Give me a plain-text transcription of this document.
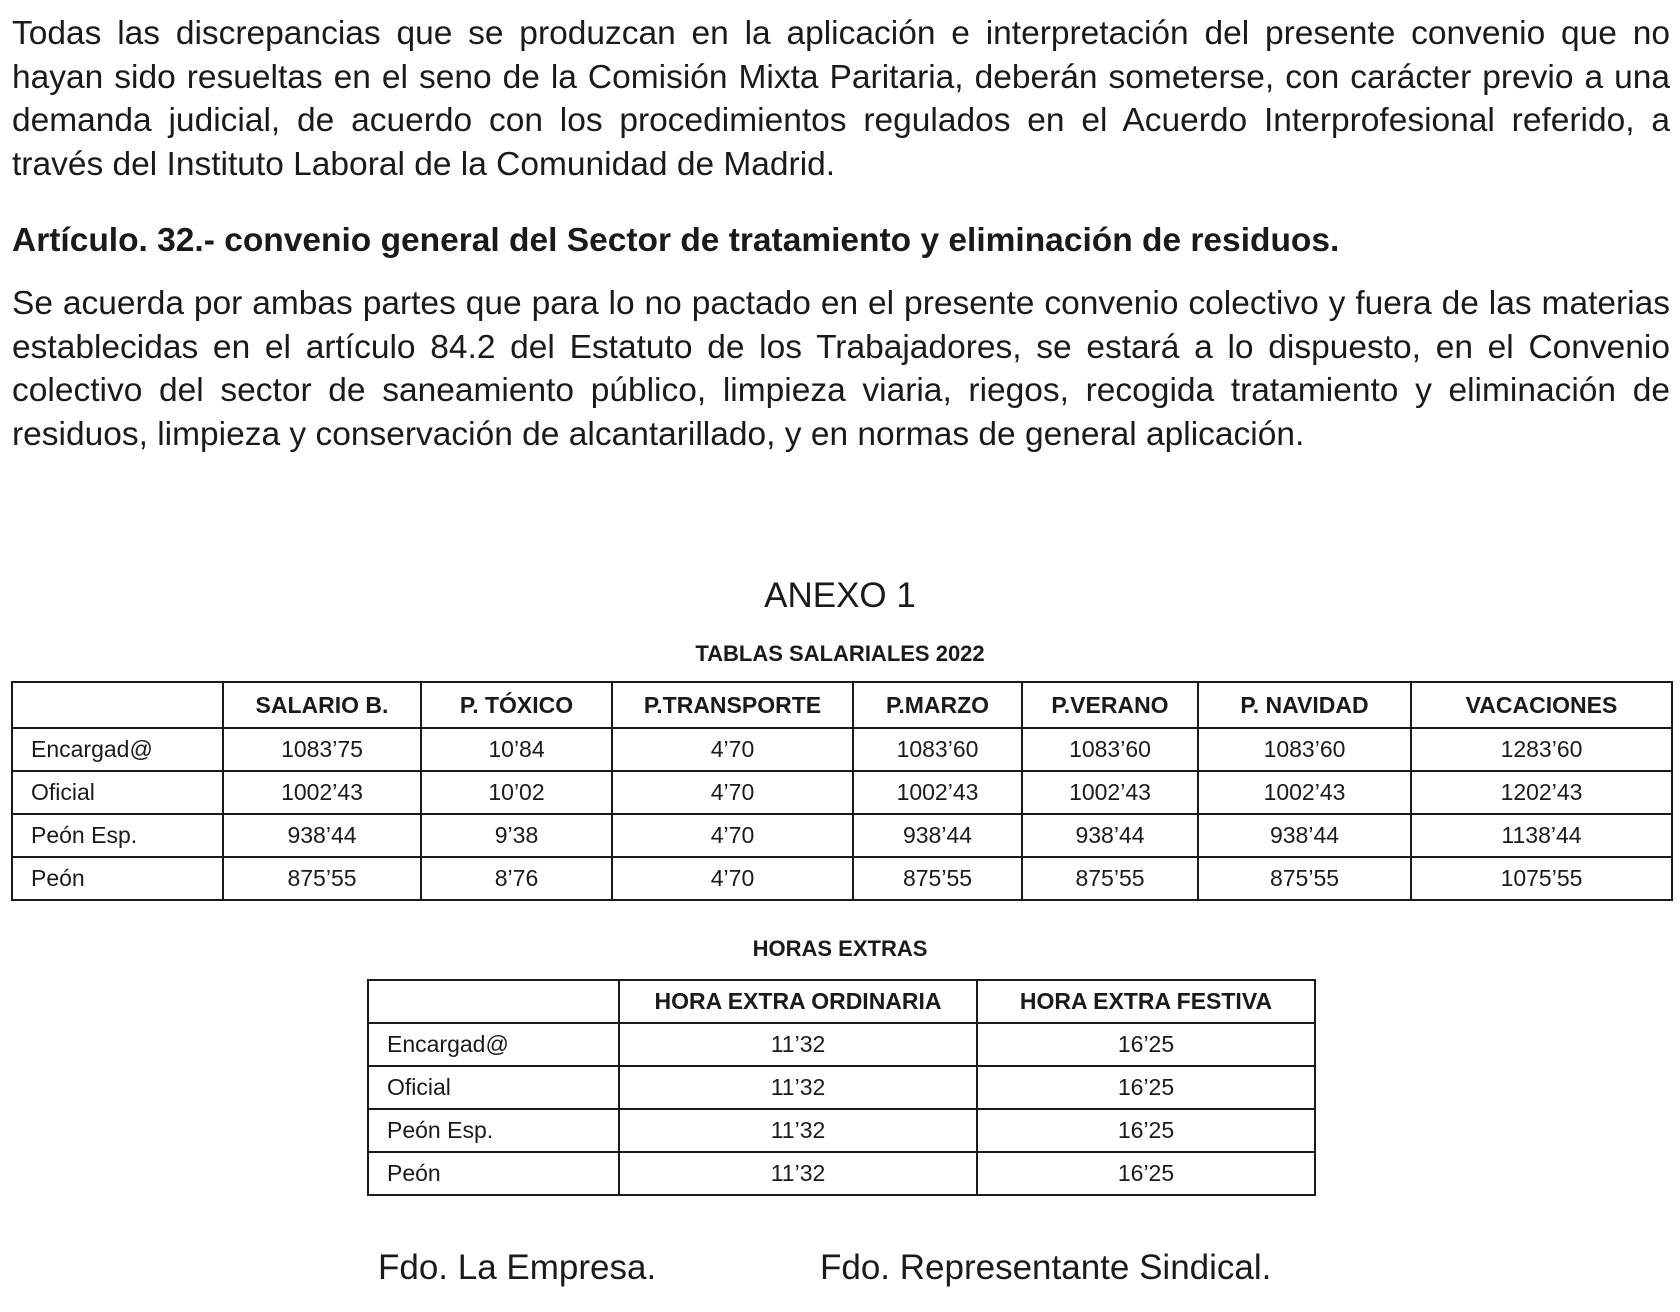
Todas las discrepancias que se produzcan en la aplicación e interpretación del presente convenio que no hayan sido resueltas en el seno de la Comisión Mixta Paritaria, deberán someterse, con carácter previo a una demanda judicial, de acuerdo con los procedimientos regulados en el Acuerdo Interprofesional referido, a través del Instituto Laboral de la Comunidad de Madrid.

Artículo. 32.- convenio general del Sector de tratamiento y eliminación de residuos.

Se acuerda por ambas partes que para lo no pactado en el presente convenio colectivo y fuera de las materias establecidas en el artículo 84.2 del Estatuto de los Trabajadores, se estará a lo dispuesto, en el Convenio colectivo del sector de saneamiento público, limpieza viaria, riegos, recogida tratamiento y eliminación de residuos, limpieza y conservación de alcantarillado, y en normas de general aplicación.

ANEXO 1
TABLAS SALARIALES 2022
	SALARIO B.	P. TÓXICO	P.TRANSPORTE	P.MARZO	P.VERANO	P. NAVIDAD	VACACIONES
Encargad@	1083’75	10’84	4’70	1083’60	1083’60	1083’60	1283’60
Oficial	1002’43	10’02	4’70	1002’43	1002’43	1002’43	1202’43
Peón Esp.	938’44	9’38	4’70	938’44	938’44	938’44	1138’44
Peón	875’55	8’76	4’70	875’55	875’55	875’55	1075’55
HORAS EXTRAS
	HORA EXTRA ORDINARIA	HORA EXTRA FESTIVA
Encargad@	11’32	16’25
Oficial	11’32	16’25
Peón Esp.	11’32	16’25
Peón	11’32	16’25
Fdo. La Empresa.	Fdo. Representante Sindical.
